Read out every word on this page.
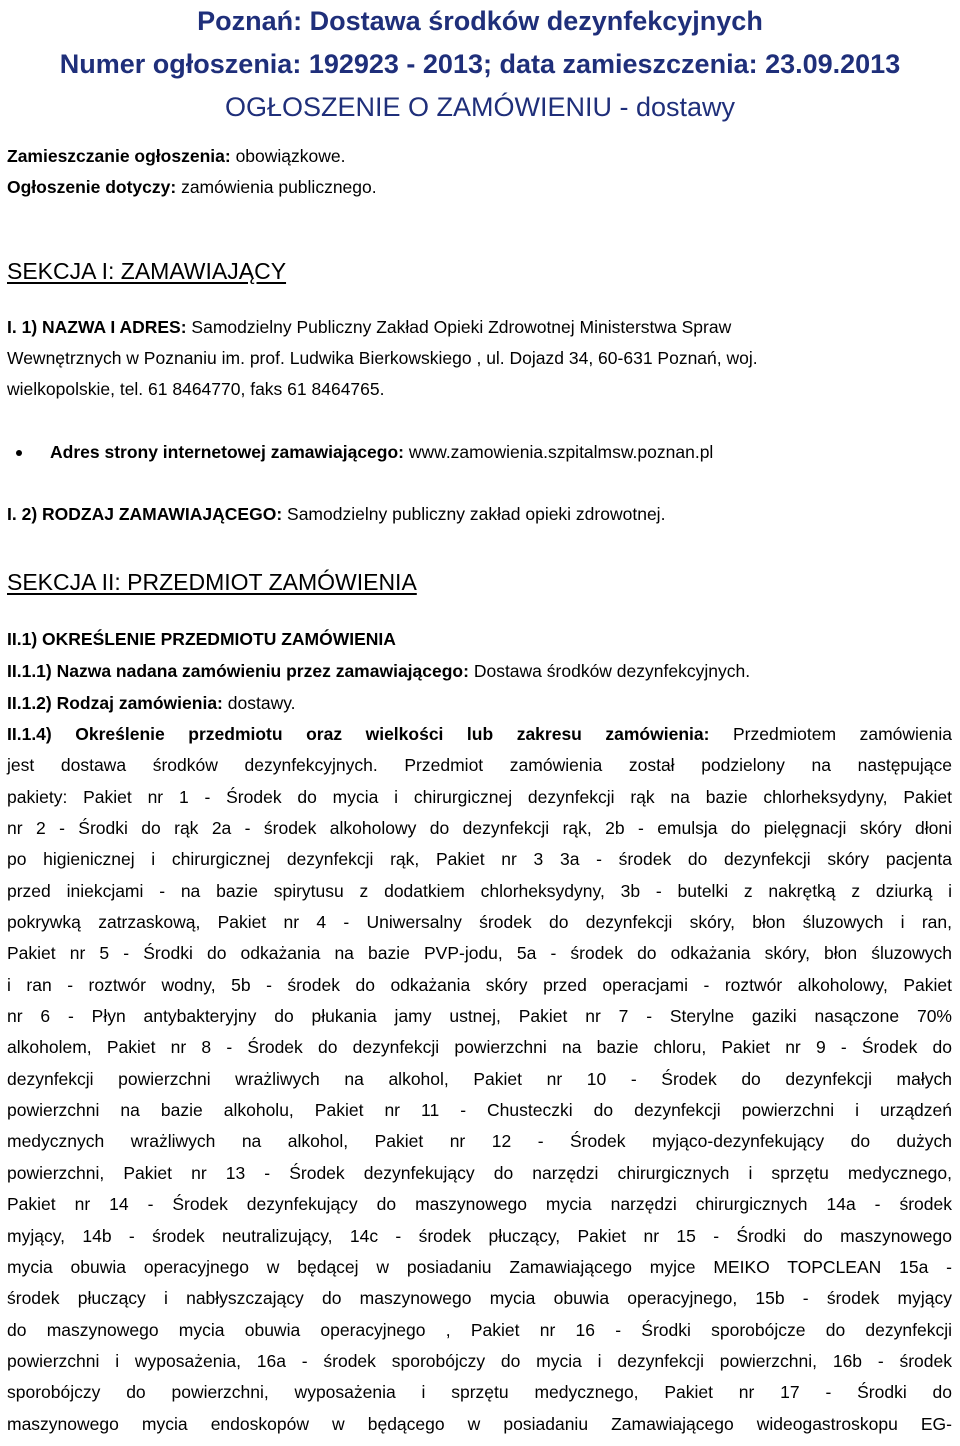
Poznań: Dostawa środków dezynfekcyjnych
Numer ogłoszenia: 192923 - 2013; data zamieszczenia: 23.09.2013
OGŁOSZENIE O ZAMÓWIENIU - dostawy
Zamieszczanie ogłoszenia: obowiązkowe.
Ogłoszenie dotyczy: zamówienia publicznego.
SEKCJA I: ZAMAWIAJĄCY
I. 1) NAZWA I ADRES: Samodzielny Publiczny Zakład Opieki Zdrowotnej Ministerstwa Spraw
Wewnętrznych w Poznaniu im. prof. Ludwika Bierkowskiego , ul. Dojazd 34, 60-631 Poznań, woj.
wielkopolskie, tel. 61 8464770, faks 61 8464765.
Adres strony internetowej zamawiającego: www.zamowienia.szpitalmsw.poznan.pl
I. 2) RODZAJ ZAMAWIAJĄCEGO: Samodzielny publiczny zakład opieki zdrowotnej.
SEKCJA II: PRZEDMIOT ZAMÓWIENIA
II.1) OKREŚLENIE PRZEDMIOTU ZAMÓWIENIA
II.1.1) Nazwa nadana zamówieniu przez zamawiającego: Dostawa środków dezynfekcyjnych.
II.1.2) Rodzaj zamówienia: dostawy.
II.1.4) Określenie przedmiotu oraz wielkości lub zakresu zamówienia: Przedmiotem zamówienia
jest dostawa środków dezynfekcyjnych. Przedmiot zamówienia został podzielony na następujące
pakiety: Pakiet nr 1 - Środek do mycia i chirurgicznej dezynfekcji rąk na bazie chlorheksydyny, Pakiet
nr 2 - Środki do rąk 2a - środek alkoholowy do dezynfekcji rąk, 2b - emulsja do pielęgnacji skóry dłoni
po higienicznej i chirurgicznej dezynfekcji rąk, Pakiet nr 3 3a - środek do dezynfekcji skóry pacjenta
przed iniekcjami - na bazie spirytusu z dodatkiem chlorheksydyny, 3b - butelki z nakrętką z dziurką i
pokrywką zatrzaskową, Pakiet nr 4 - Uniwersalny środek do dezynfekcji skóry, błon śluzowych i ran,
Pakiet nr 5 - Środki do odkażania na bazie PVP-jodu, 5a - środek do odkażania skóry, błon śluzowych
i ran - roztwór wodny, 5b - środek do odkażania skóry przed operacjami - roztwór alkoholowy, Pakiet
nr 6 - Płyn antybakteryjny do płukania jamy ustnej, Pakiet nr 7 - Sterylne gaziki nasączone 70%
alkoholem, Pakiet nr 8 - Środek do dezynfekcji powierzchni na bazie chloru, Pakiet nr 9 - Środek do
dezynfekcji powierzchni wrażliwych na alkohol, Pakiet nr 10 - Środek do dezynfekcji małych
powierzchni na bazie alkoholu, Pakiet nr 11 - Chusteczki do dezynfekcji powierzchni i urządzeń
medycznych wrażliwych na alkohol, Pakiet nr 12 - Środek myjąco-dezynfekujący do dużych
powierzchni, Pakiet nr 13 - Środek dezynfekujący do narzędzi chirurgicznych i sprzętu medycznego,
Pakiet nr 14 - Środek dezynfekujący do maszynowego mycia narzędzi chirurgicznych 14a - środek
myjący, 14b - środek neutralizujący, 14c - środek płuczący, Pakiet nr 15 - Środki do maszynowego
mycia obuwia operacyjnego w będącej w posiadaniu Zamawiającego myjce MEIKO TOPCLEAN 15a -
środek płuczący i nabłyszczający do maszynowego mycia obuwia operacyjnego, 15b - środek myjący
do maszynowego mycia obuwia operacyjnego , Pakiet nr 16 - Środki sporobójcze do dezynfekcji
powierzchni i wyposażenia, 16a - środek sporobójczy do mycia i dezynfekcji powierzchni, 16b - środek
sporobójczy do powierzchni, wyposażenia i sprzętu medycznego, Pakiet nr 17 - Środki do
maszynowego mycia endoskopów w będącego w posiadaniu Zamawiającego wideogastroskopu EG-
